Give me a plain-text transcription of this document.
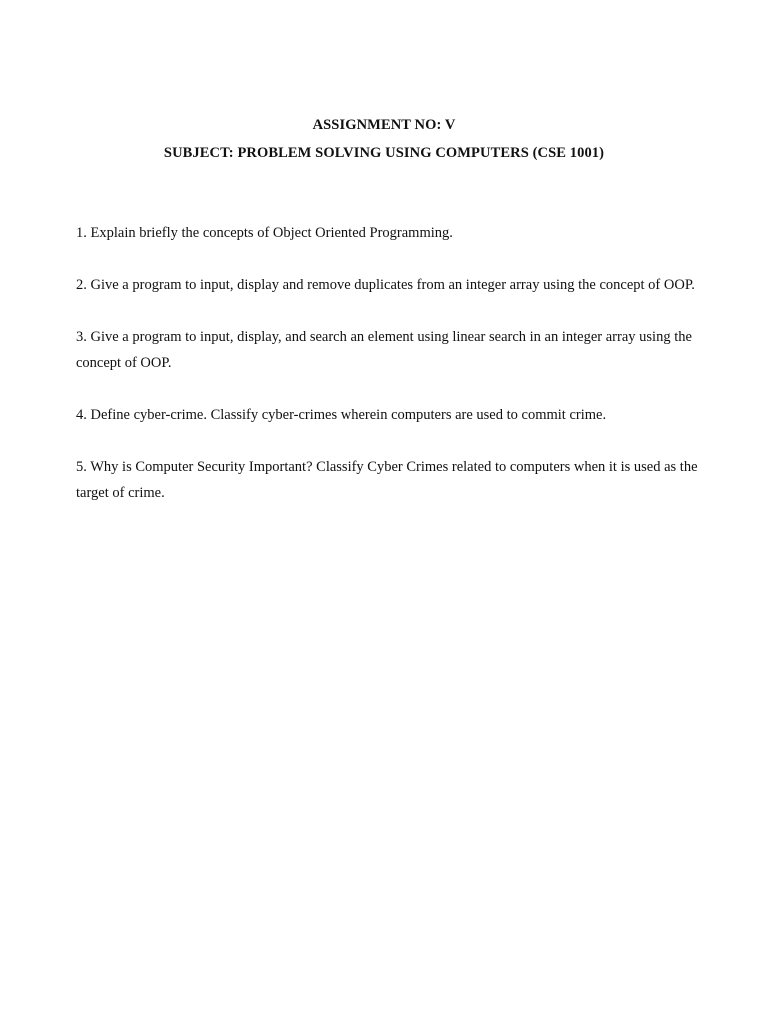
ASSIGNMENT NO: V
SUBJECT: PROBLEM SOLVING USING COMPUTERS (CSE 1001)
1. Explain briefly the concepts of Object Oriented Programming.
2. Give a program to input, display and remove duplicates from an integer array using the concept of OOP.
3. Give a program to input, display, and search an element using linear search in an integer array using the concept of OOP.
4. Define cyber-crime. Classify cyber-crimes wherein computers are used to commit crime.
5. Why is Computer Security Important? Classify Cyber Crimes related to computers when it is used as the target of crime.
